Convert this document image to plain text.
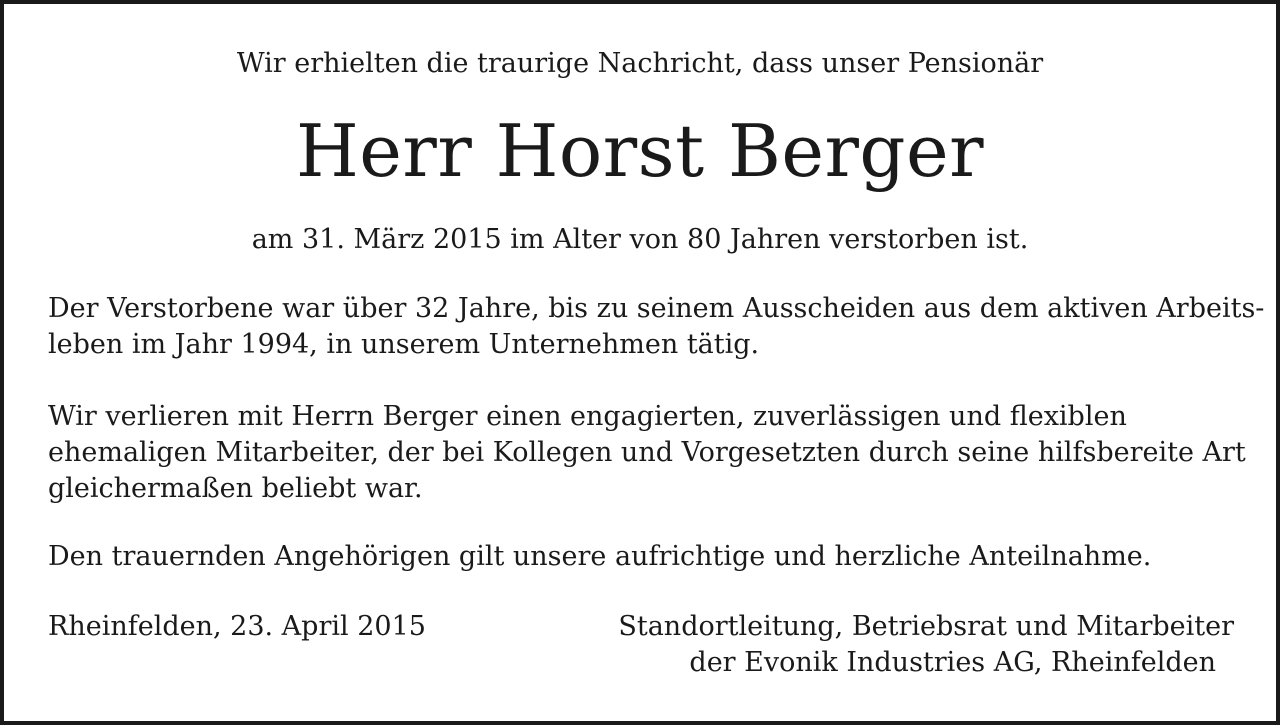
Wir erhielten die traurige Nachricht, dass unser Pensionär
Herr Horst Berger
am 31. März 2015 im Alter von 80 Jahren verstorben ist.

Der Verstorbene war über 32 Jahre, bis zu seinem Ausscheiden aus dem aktiven Arbeits-
leben im Jahr 1994, in unserem Unternehmen tätig.

Wir verlieren mit Herrn Berger einen engagierten, zuverlässigen und flexiblen
ehemaligen Mitarbeiter, der bei Kollegen und Vorgesetzten durch seine hilfsbereite Art
gleichermaßen beliebt war.

Den trauernden Angehörigen gilt unsere aufrichtige und herzliche Anteilnahme.

Rheinfelden, 23. April 2015	Standortleitung, Betriebsrat und Mitarbeiter
der Evonik Industries AG, Rheinfelden
